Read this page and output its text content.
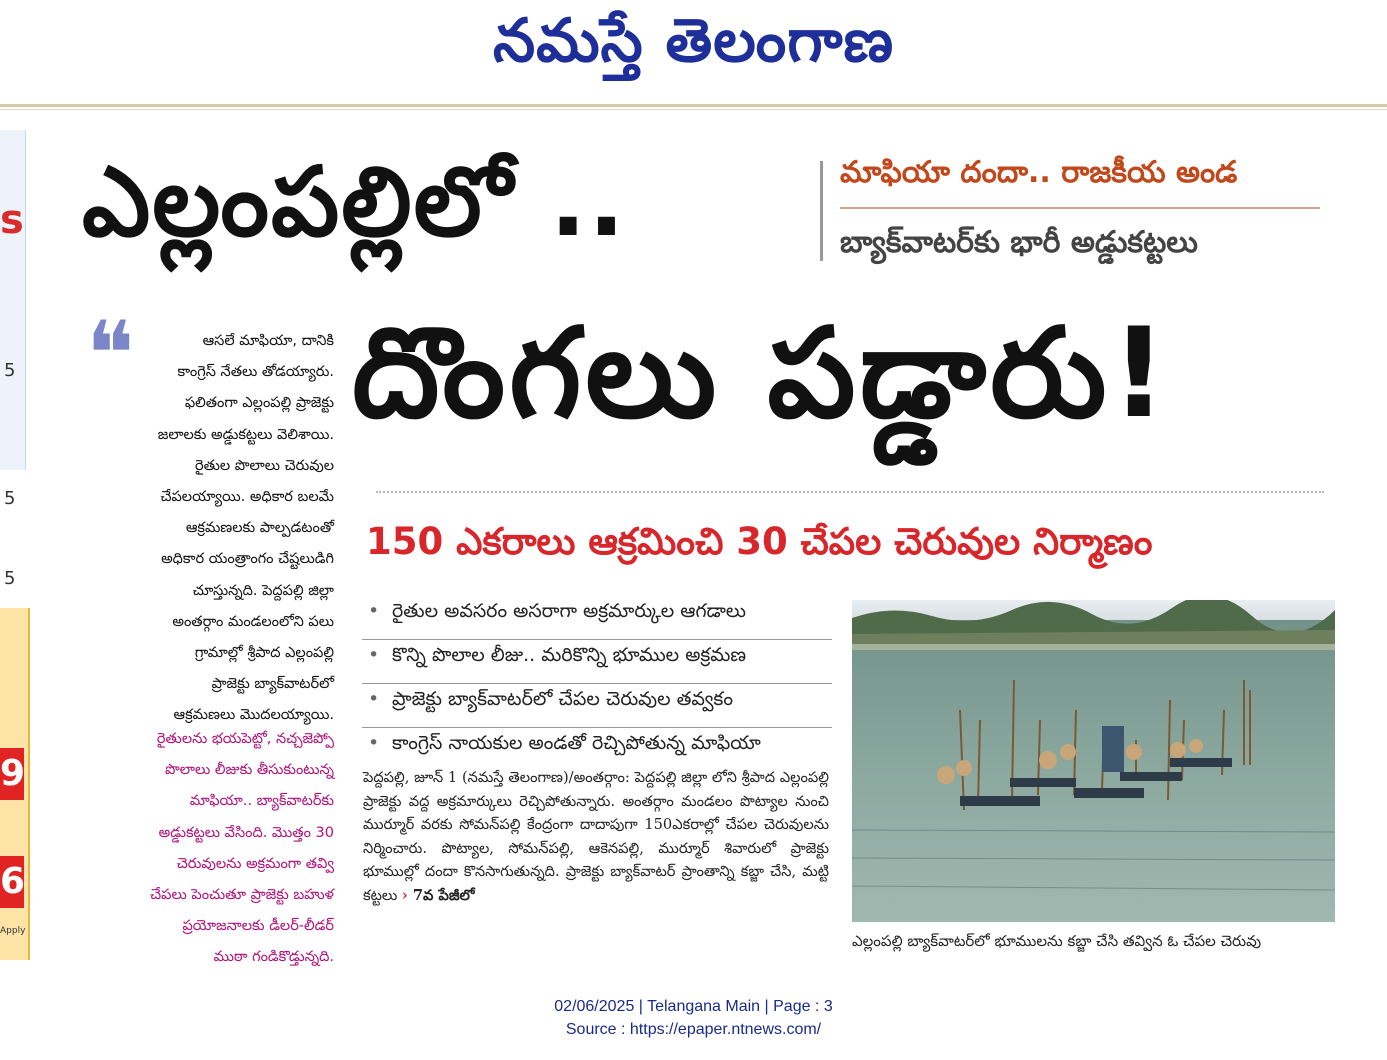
నమస్తే తెలంగాణ
s
5
5
5
9
6
Apply
ఎల్లంపల్లిలో ..	మాఫియా దందా.. రాజకీయ అండ
బ్యాక్‌వాటర్‌కు భారీ అడ్డుకట్టలు
❝	ఆసలే మాఫియా, దానికి
కాంగ్రెస్‌ నేతలు తోడయ్యారు.
ఫలితంగా ఎల్లంపల్లి ప్రాజెక్టు
జలాలకు అడ్డుకట్టలు వెలిశాయి.
రైతుల పొలాలు చెరువుల
చేపలయ్యాయి. అధికార బలమే
ఆక్రమణలకు పాల్పడటంతో
అధికార యంత్రాంగం చేష్టలుడిగి
చూస్తున్నది. పెద్దపల్లి జిల్లా
అంతర్గాం మండలంలోని పలు
గ్రామాల్లో శ్రీపాద ఎల్లంపల్లి
ప్రాజెక్టు బ్యాక్‌వాటర్‌లో
ఆక్రమణలు మొదలయ్యాయి.
రైతులను భయపెట్టో, నచ్చజెప్పో
పొలాలు లీజుకు తీసుకుంటున్న
మాఫియా.. బ్యాక్‌వాటర్‌కు
అడ్డుకట్టలు వేసింది. మొత్తం 30
చెరువులను అక్రమంగా తవ్వి
చేపలు పెంచుతూ ప్రాజెక్టు బహుళ
ప్రయోజనాలకు డీలర్‌-లీడర్‌
ముఠా గండికొడ్తున్నది.
దొంగలు పడ్డారు!
150 ఎకరాలు ఆక్రమించి 30 చేపల చెరువుల నిర్మాణం
• రైతుల అవసరం అసరాగా అక్రమార్కుల ఆగడాలు
• కొన్ని పొలాల లీజు.. మరికొన్ని భూముల అక్రమణ
• ప్రాజెక్టు బ్యాక్‌వాటర్‌లో చేపల చెరువుల తవ్వకం
• కాంగ్రెస్‌ నాయకుల అండతో రెచ్చిపోతున్న మాఫియా
పెద్దపల్లి, జూన్‌ 1 (నమస్తే తెలంగాణ)/అంతర్గాం: పెద్దపల్లి జిల్లా లోని శ్రీపాద ఎల్లంపల్లి ప్రాజెక్టు వద్ద అక్రమార్కులు రెచ్చిపోతున్నారు. అంతర్గాం మండలం పొట్యాల నుంచి ముర్మూర్‌ వరకు సోమన్‌పల్లి కేంద్రంగా దాదాపుగా 150ఎకరాల్లో చేపల చెరువులను నిర్మించారు. పొట్యాల, సోమన్‌పల్లి, ఆకెనపల్లి, ముర్మూర్‌ శివారులో ప్రాజెక్టు భూముల్లో దందా కొనసాగుతున్నది. ప్రాజెక్టు బ్యాక్‌వాటర్‌ ప్రాంతాన్ని కబ్జా చేసి, మట్టి కట్టలు › 7వ పేజీలో
ఎల్లంపల్లి బ్యాక్‌వాటర్‌లో భూములను కబ్జా చేసి తవ్విన ఓ చేపల చెరువు
02/06/2025 | Telangana Main | Page : 3
Source : https://epaper.ntnews.com/
